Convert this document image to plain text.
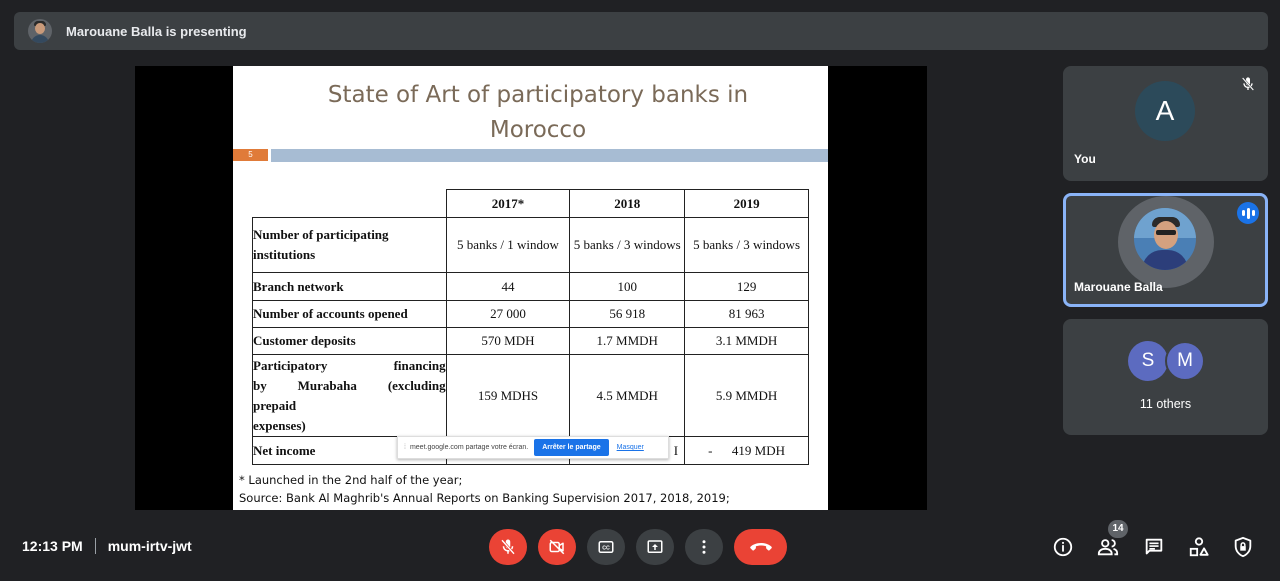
Marouane Balla is presenting
State of Art of participatory banks in
Morocco
5
	2017*	2018	2019
Number of participating institutions	5 banks / 1 window	5 banks / 3 windows	5 banks / 3 windows
Branch network	44	100	129
Number of accounts opened	27 000	56 918	81 963
Customer deposits	570 MDH	1.7 MMDH	3.1 MMDH

Participatory financing
by Murabaha (excluding
prepaid
expenses)	159 MDHS	4.5 MMDH	5.9 MMDH
Net income		I	-      419 MDH
* Launched in the 2nd half of the year;
Source: Bank Al Maghrib's Annual Reports on Banking Supervision 2017, 2018, 2019;
⁞ meet.google.com partage votre écran.	Arrêter le partage	Masquer
A
You
Marouane Balla
S	M
11 others
12:13 PM mum-irtv-jwt	CC
14
